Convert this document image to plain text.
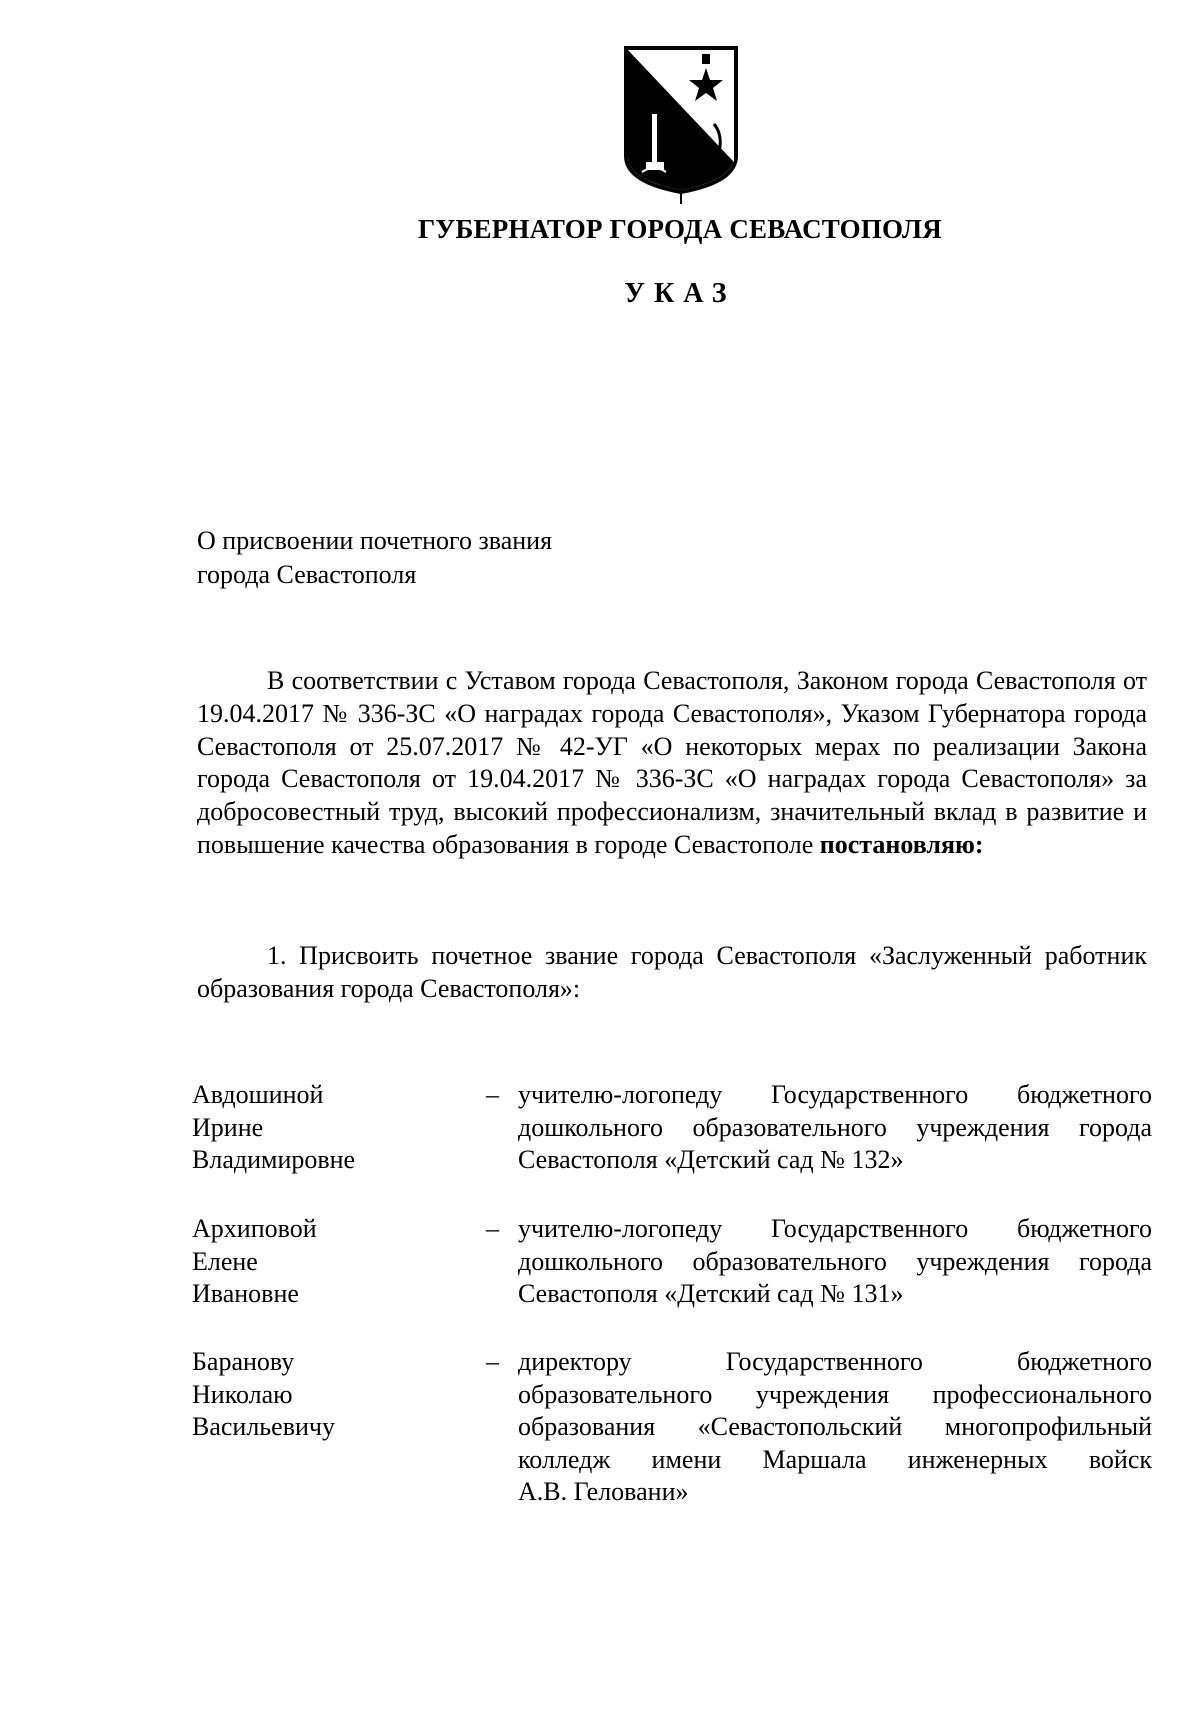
ГУБЕРНАТОР ГОРОДА СЕВАСТОПОЛЯ
УКАЗ
О присвоении почетного звания
города Севастополя
В соответствии с Уставом города Севастополя, Законом города Севастополя от 19.04.2017 № 336-ЗС «О наградах города Севастополя», Указом Губернатора города Севастополя от 25.07.2017 № 42-УГ «О некоторых мерах по реализации Закона города Севастополя от 19.04.2017 № 336-ЗС «О наградах города Севастополя» за добросовестный труд, высокий профессионализм, значительный вклад в развитие и повышение качества образования в городе Севастополе постановляю:
1. Присвоить почетное звание города Севастополя «Заслуженный работник образования города Севастополя»:
Авдошиной
Ирине
Владимировне
– учителю-логопеду Государственного бюджетного
дошкольного образовательного учреждения города
Севастополя «Детский сад № 132»
Архиповой
Елене
Ивановне
– учителю-логопеду Государственного бюджетного
дошкольного образовательного учреждения города
Севастополя «Детский сад № 131»
Баранову
Николаю
Васильевичу
– директору Государственного бюджетного
образовательного учреждения профессионального
образования «Севастопольский многопрофильный
колледж имени Маршала инженерных войск
А.В. Геловани»
